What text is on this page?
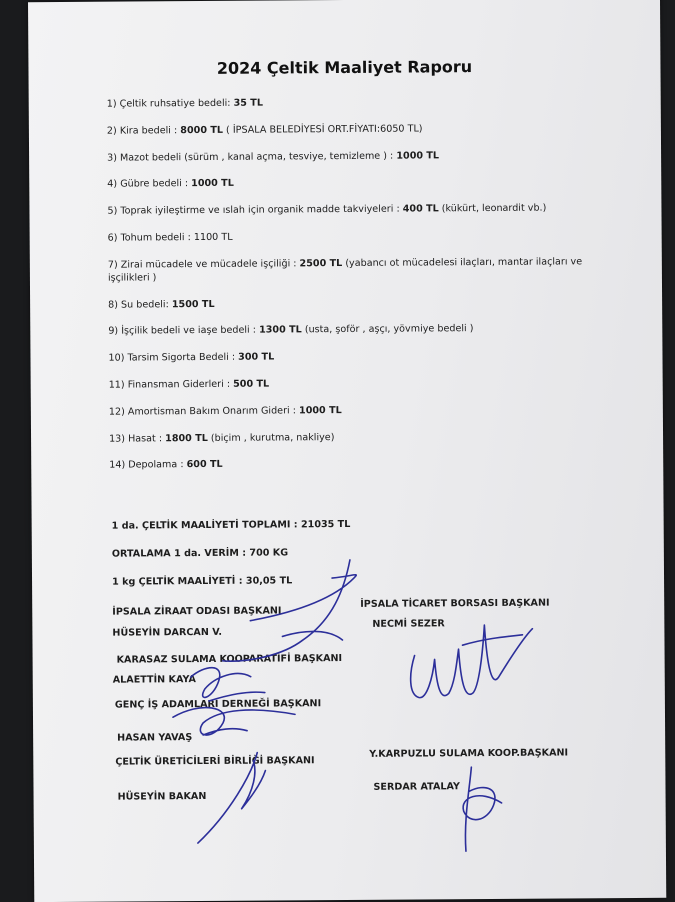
2024 Çeltik Maaliyet Raporu
1) Çeltik ruhsatiye bedeli: 35 TL
2) Kira bedeli : 8000 TL ( İPSALA BELEDİYESİ ORT.FİYATI:6050 TL)
3) Mazot bedeli (sürüm , kanal açma, tesviye, temizleme ) : 1000 TL
4) Gübre bedeli : 1000 TL
5) Toprak iyileştirme ve ıslah için organik madde takviyeleri : 400 TL (kükürt, leonardit vb.)
6) Tohum bedeli : 1100 TL
7) Zirai mücadele ve mücadele işçiliği : 2500 TL (yabancı ot mücadelesi ilaçları, mantar ilaçları ve işçilikleri )
8) Su bedeli: 1500 TL
9) İşçilik bedeli ve iaşe bedeli : 1300 TL (usta, şoför , aşçı, yövmiye bedeli )
10) Tarsim Sigorta Bedeli : 300 TL
11) Finansman Giderleri : 500 TL
12) Amortisman Bakım Onarım Gideri : 1000 TL
13) Hasat : 1800 TL (biçim , kurutma, nakliye)
14) Depolama : 600 TL
1 da. ÇELTİK MAALİYETİ TOPLAMI : 21035 TL
ORTALAMA 1 da. VERİM : 700 KG
1 kg ÇELTİK MAALİYETİ : 30,05 TL
İPSALA ZİRAAT ODASI BAŞKANI
HÜSEYİN DARCAN V.
İPSALA TİCARET BORSASI BAŞKANI
NECMİ SEZER
KARASAZ SULAMA KOOPARATİFİ BAŞKANI
ALAETTİN KAYA
GENÇ İŞ ADAMLARI DERNEĞİ BAŞKANI
HASAN YAVAŞ
ÇELTİK ÜRETİCİLERİ BİRLİĞİ BAŞKANI
HÜSEYİN BAKAN
Y.KARPUZLU SULAMA KOOP.BAŞKANI
SERDAR ATALAY
